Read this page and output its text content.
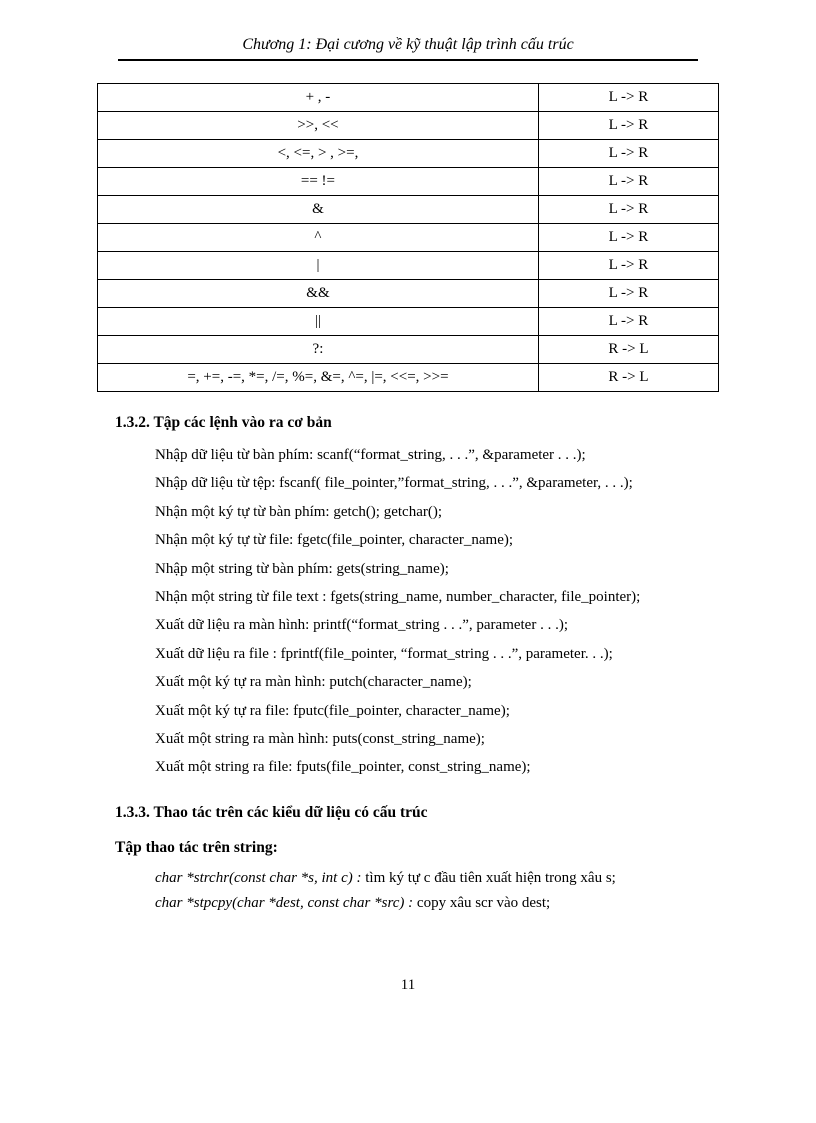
Chương 1: Đại cương về kỹ thuật lập trình cấu trúc
+ , -	L -> R
>>, <<	L -> R
<, <=, > , >=,	L -> R
== !=	L -> R
&	L -> R
^	L -> R
|	L -> R
&&	L -> R
||	L -> R
?:	R -> L
=, +=, -=, *=, /=, %=, &=, ^=, |=, <<=, >>=	R -> L
1.3.2. Tập các lệnh vào ra cơ bản
Nhập dữ liệu từ bàn phím: scanf(“format_string, . . .”, &parameter . . .);
Nhập dữ liệu từ tệp: fscanf( file_pointer,”format_string, . . .”, &parameter, . . .);
Nhận một ký tự từ bàn phím: getch(); getchar();
Nhận một ký tự từ file: fgetc(file_pointer, character_name);
Nhập một string từ bàn phím: gets(string_name);
Nhận một string từ file text : fgets(string_name, number_character, file_pointer);
Xuất dữ liệu ra màn hình: printf(“format_string . . .”, parameter . . .);
Xuất dữ liệu ra file : fprintf(file_pointer, “format_string . . .”, parameter. . .);
Xuất một ký tự ra màn hình: putch(character_name);
Xuất một ký tự ra file: fputc(file_pointer, character_name);
Xuất một string ra màn hình: puts(const_string_name);
Xuất một string ra file: fputs(file_pointer, const_string_name);
1.3.3. Thao tác trên các kiểu dữ liệu có cấu trúc
Tập thao tác trên string:
char *strchr(const char *s, int c) : tìm ký tự c đầu tiên xuất hiện trong xâu s;
char *stpcpy(char *dest, const char *src) : copy xâu scr vào dest;
11
